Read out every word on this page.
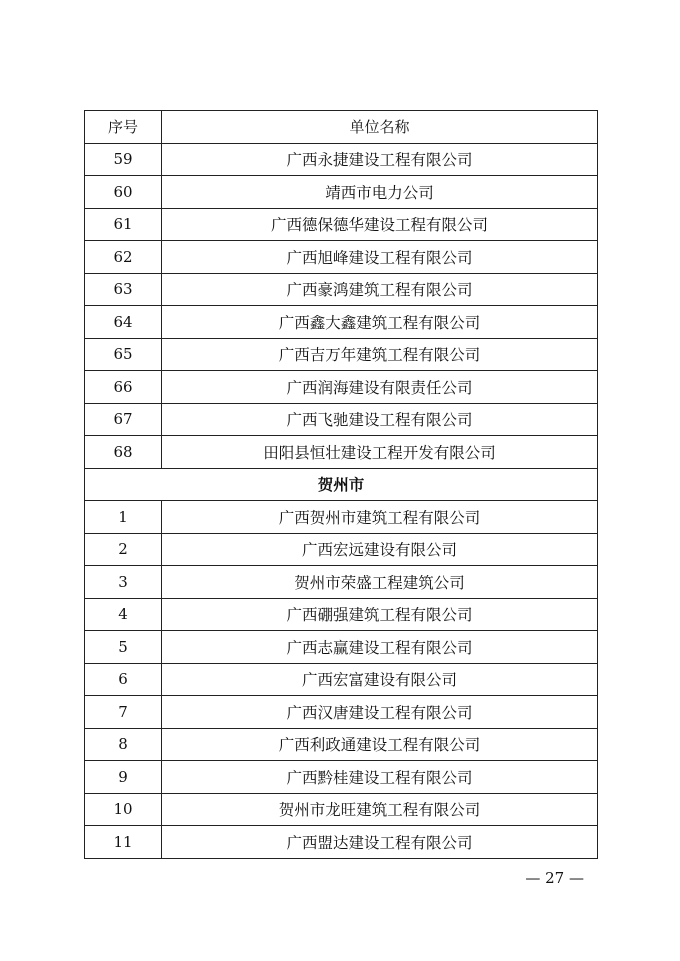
序号	单位名称
59	广西永捷建设工程有限公司
60	靖西市电力公司
61	广西德保德华建设工程有限公司
62	广西旭峰建设工程有限公司
63	广西豪鸿建筑工程有限公司
64	广西鑫大鑫建筑工程有限公司
65	广西吉万年建筑工程有限公司
66	广西润海建设有限责任公司
67	广西飞驰建设工程有限公司
68	田阳县恒壮建设工程开发有限公司
贺州市	
1	广西贺州市建筑工程有限公司
2	广西宏远建设有限公司
3	贺州市荣盛工程建筑公司
4	广西硼强建筑工程有限公司
5	广西志赢建设工程有限公司
6	广西宏富建设有限公司
7	广西汉唐建设工程有限公司
8	广西利政通建设工程有限公司
9	广西黔桂建设工程有限公司
10	贺州市龙旺建筑工程有限公司
11	广西盟达建设工程有限公司
— 27 —
